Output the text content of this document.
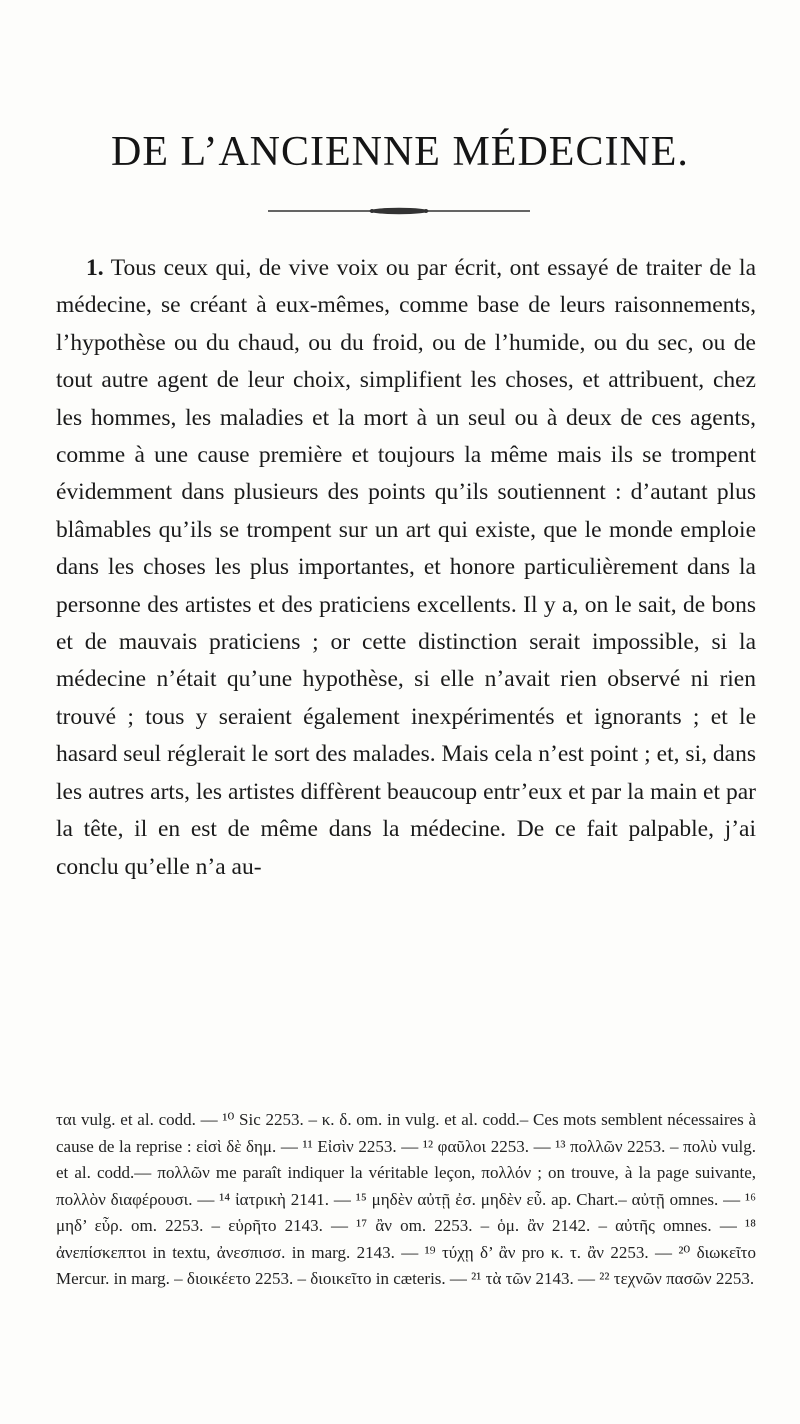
DE L’ANCIENNE MÉDECINE.

1. Tous ceux qui, de vive voix ou par écrit, ont essayé de traiter de la médecine, se créant à eux-mêmes, comme base de leurs raisonnements, l’hypothèse ou du chaud, ou du froid, ou de l’humide, ou du sec, ou de tout autre agent de leur choix, simplifient les choses, et attribuent, chez les hommes, les maladies et la mort à un seul ou à deux de ces agents, comme à une cause première et toujours la même mais ils se trompent évidemment dans plusieurs des points qu’ils soutiennent : d’autant plus blâmables qu’ils se trompent sur un art qui existe, que le monde emploie dans les choses les plus importantes, et honore particulièrement dans la personne des artistes et des praticiens excellents. Il y a, on le sait, de bons et de mauvais praticiens ; or cette distinction serait impossible, si la médecine n’était qu’une hypothèse, si elle n’avait rien observé ni rien trouvé ; tous y seraient également inexpérimentés et ignorants ; et le hasard seul réglerait le sort des malades. Mais cela n’est point ; et, si, dans les autres arts, les artistes diffèrent beaucoup entr’eux et par la main et par la tête, il en est de même dans la médecine. De ce fait palpable, j’ai conclu qu’elle n’a au-

ται vulg. et al. codd. — ¹⁰ Sic 2253. – κ. δ. om. in vulg. et al. codd.– Ces mots semblent nécessaires à cause de la reprise : εἰσὶ δὲ δημ. — ¹¹ Εἰσὶν 2253. — ¹² φαῦλοι 2253. — ¹³ πολλῶν 2253. – πολὺ vulg. et al. codd.— πολλῶν me paraît indiquer la véritable leçon, πολλόν ; on trouve, à la page suivante, πολλὸν διαφέρουσι. — ¹⁴ ἰατρικὴ 2141. — ¹⁵ μηδὲν αὐτῇ ἐσ. μηδὲν εὖ. ap. Chart.– αὐτῇ omnes. — ¹⁶ μηδ’ εὗρ. om. 2253. – εὑρῆτο 2143. — ¹⁷ ἂν om. 2253. – ὁμ. ἂν 2142. – αὐτῆς omnes. — ¹⁸ ἀνεπίσκεπτοι in textu, ἀνεσπισσ. in marg. 2143. — ¹⁹ τύχῃ δ’ ἂν pro κ. τ. ἂν 2253. — ²⁰ διωκεῖτο Mercur. in marg. – διοικέετο 2253. – διοικεῖτο in cæteris. — ²¹ τὰ τῶν 2143. — ²² τεχνῶν πασῶν 2253.
